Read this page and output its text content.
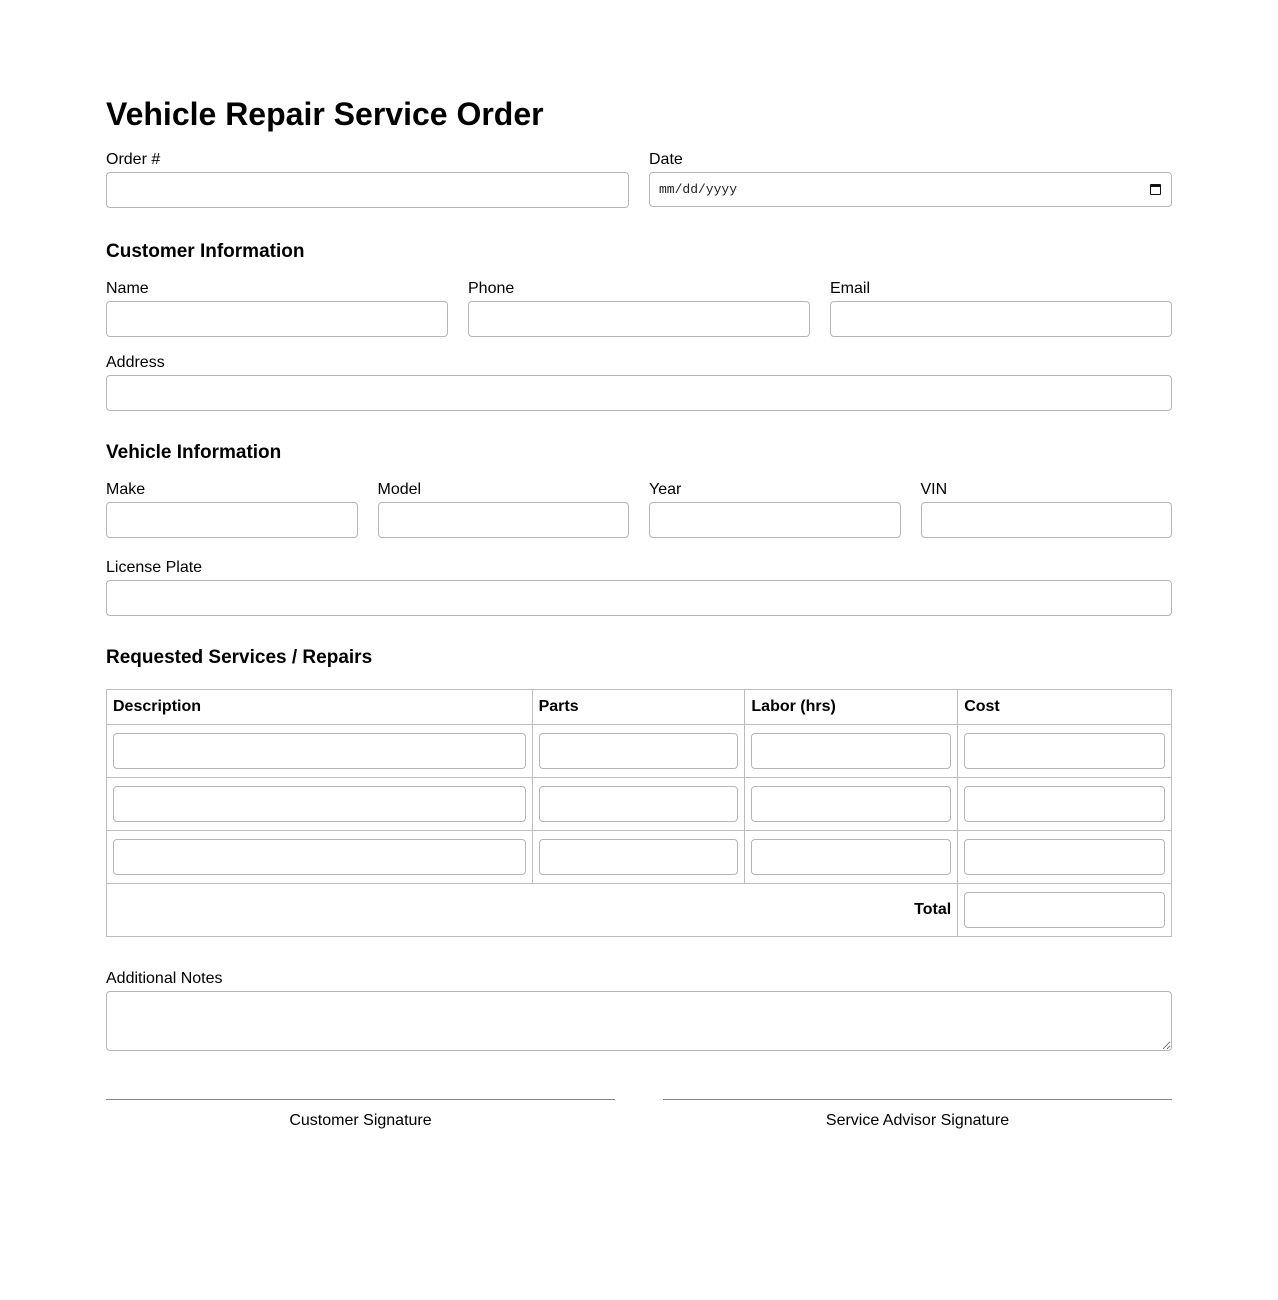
Vehicle Repair Service Order
Order #	Date
mm/dd/yyyy
Customer Information
Name	Phone	Email
Address
Vehicle Information
Make	Model	Year	VIN
License Plate
Requested Services / Repairs
Description	Parts	Labor (hrs)	Cost

Total	
Additional Notes
Customer Signature	Service Advisor Signature
